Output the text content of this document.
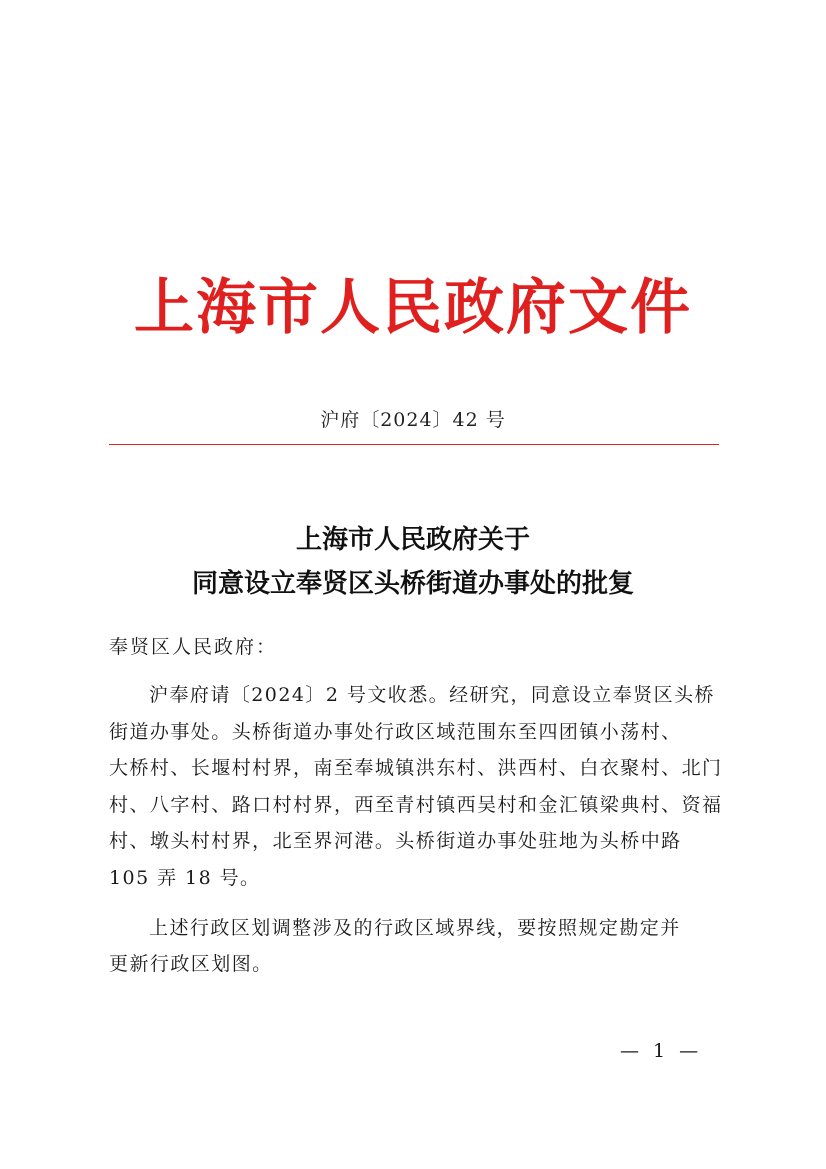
上海市人民政府文件
沪府〔2024〕42 号
上海市人民政府关于
同意设立奉贤区头桥街道办事处的批复
奉贤区人民政府：
沪奉府请〔2024〕2 号文收悉。经研究，同意设立奉贤区头桥
街道办事处。头桥街道办事处行政区域范围东至四团镇小荡村、
大桥村、长堰村村界，南至奉城镇洪东村、洪西村、白衣聚村、北门
村、八字村、路口村村界，西至青村镇西吴村和金汇镇梁典村、资福
村、墩头村村界，北至界河港。头桥街道办事处驻地为头桥中路
105 弄 18 号。
上述行政区划调整涉及的行政区域界线，要按照规定勘定并
更新行政区划图。
— 1 —
